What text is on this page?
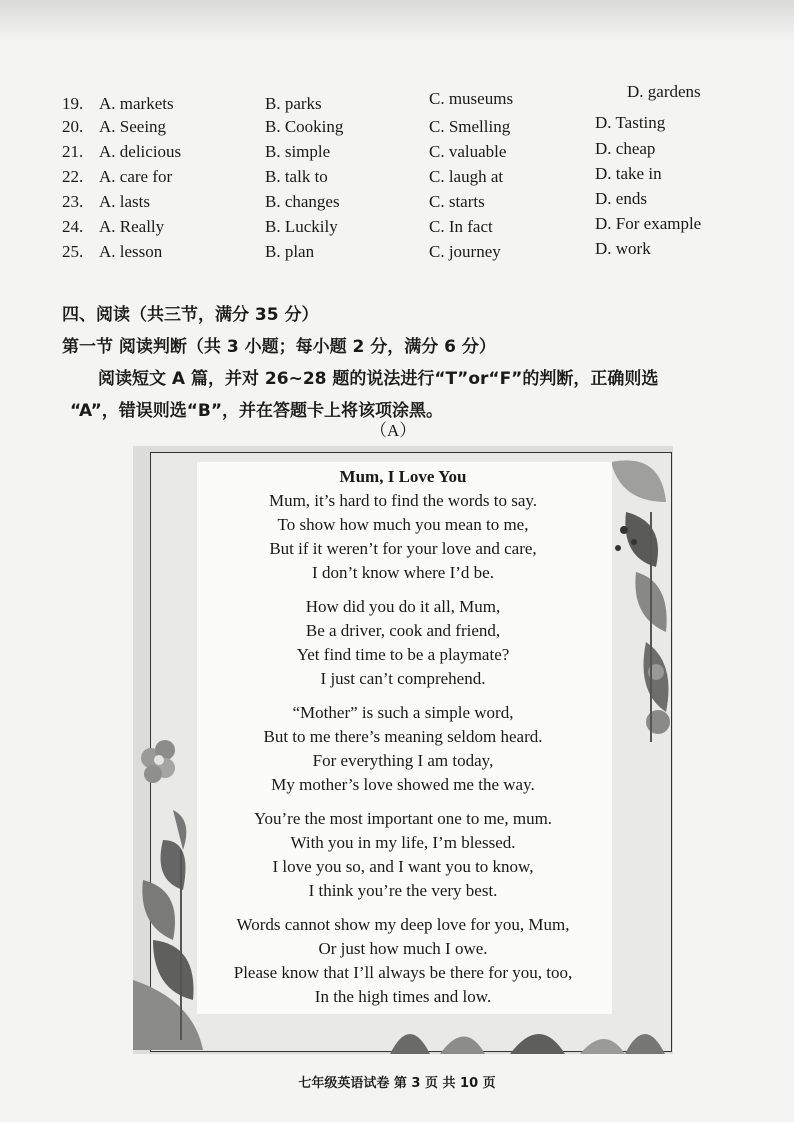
19. A. markets	B. parks	C. museums	D. gardens
20. A. Seeing	B. Cooking	C. Smelling	D. Tasting
21. A. delicious	B. simple	C. valuable	D. cheap
22. A. care for	B. talk to	C. laugh at	D. take in
23. A. lasts	B. changes	C. starts	D. ends
24. A. Really	B. Luckily	C. In fact	D. For example
25. A. lesson	B. plan	C. journey	D. work
四、阅读（共三节，满分 35 分）
第一节 阅读判断（共 3 小题；每小题 2 分，满分 6 分）
阅读短文 A 篇，并对 26~28 题的说法进行“T”or“F”的判断，正确则选
“A”，错误则选“B”，并在答题卡上将该项涂黑。
（A）
Mum, I Love You
Mum, it’s hard to find the words to say.
To show how much you mean to me,
But if it weren’t for your love and care,
I don’t know where I’d be.
How did you do it all, Mum,
Be a driver, cook and friend,
Yet find time to be a playmate?
I just can’t comprehend.
“Mother” is such a simple word,
But to me there’s meaning seldom heard.
For everything I am today,
My mother’s love showed me the way.
You’re the most important one to me, mum.
With you in my life, I’m blessed.
I love you so, and I want you to know,
I think you’re the very best.
Words cannot show my deep love for you, Mum,
Or just how much I owe.
Please know that I’ll always be there for you, too,
In the high times and low.
七年级英语试卷 第 3 页 共 10 页
